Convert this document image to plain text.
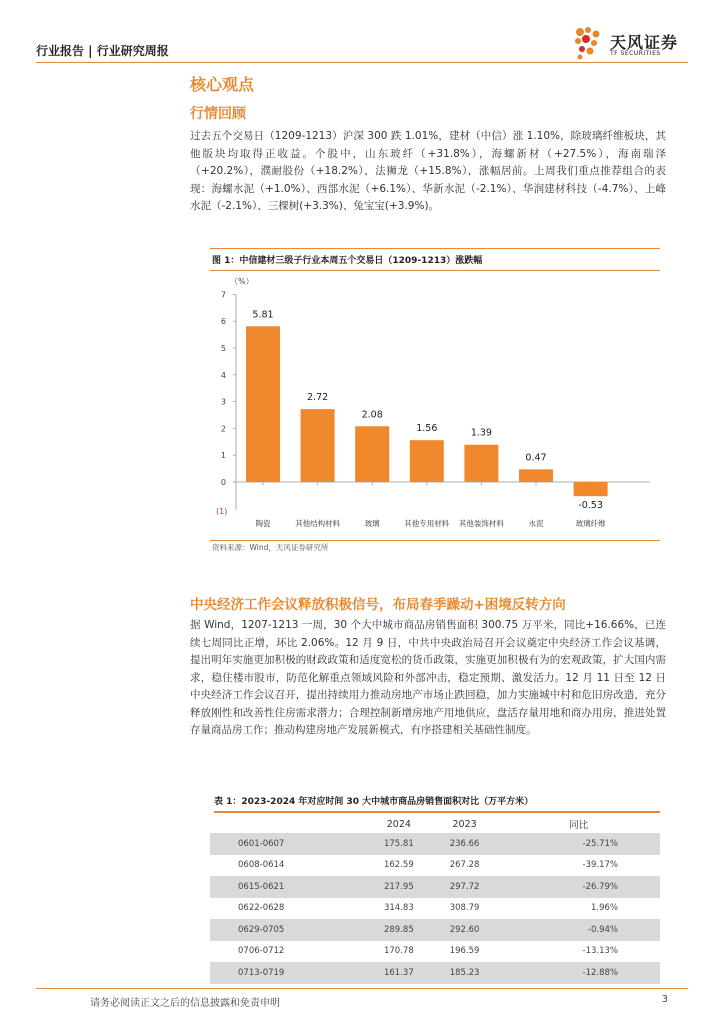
行业报告 | 行业研究周报	天风证券
TF SECURITIES
核心观点
行情回顾
过去五个交易日（1209-1213）沪深 300 跌 1.01%，建材（中信）涨 1.10%，除玻璃纤维板块，其他版块均取得正收益。个股中，山东玻纤（+31.8%），海螺新材（+27.5%），海南瑞泽（+20.2%），濮耐股份（+18.2%），法狮龙（+15.8%），涨幅居前。上周我们重点推荐组合的表现：海螺水泥（+1.0%）、西部水泥（+6.1%）、华新水泥（-2.1%）、华润建材科技（-4.7%）、上峰水泥（-2.1%）、三棵树(+3.3%)、兔宝宝(+3.9%)。
图 1：中信建材三级子行业本周五个交易日（1209-1213）涨跌幅
（%）
(1)
7
6
5
4
3
2
1
0
5.81
陶瓷
2.72
其他结构材料
2.08
玻璃
1.56
其他专用材料
1.39
其他装饰材料
0.47
水泥
-0.53
玻璃纤维
资料来源：Wind，天风证券研究所
中央经济工作会议释放积极信号，布局春季躁动+困境反转方向
据 Wind，1207-1213 一周，30 个大中城市商品房销售面积 300.75 万平米，同比+16.66%，已连续七周同比正增，环比 2.06%。12 月 9 日，中共中央政治局召开会议奠定中央经济工作会议基调，提出明年实施更加积极的财政政策和适度宽松的货币政策，实施更加积极有为的宏观政策，扩大国内需求，稳住楼市股市，防范化解重点领域风险和外部冲击，稳定预期、激发活力。12 月 11 日至 12 日中央经济工作会议召开，提出持续用力推动房地产市场止跌回稳，加力实施城中村和危旧房改造，充分释放刚性和改善性住房需求潜力；合理控制新增房地产用地供应，盘活存量用地和商办用房，推进处置存量商品房工作；推动构建房地产发展新模式，有序搭建相关基础性制度。
表 1：2023-2024 年对应时间 30 大中城市商品房销售面积对比（万平方米）
	2024	2023	同比
0601-0607	175.81	236.66	-25.71%
0608-0614	162.59	267.28	-39.17%
0615-0621	217.95	297.72	-26.79%
0622-0628	314.83	308.79	1.96%
0629-0705	289.85	292.60	-0.94%
0706-0712	170.78	196.59	-13.13%
0713-0719	161.37	185.23	-12.88%
请务必阅读正文之后的信息披露和免责申明	3
